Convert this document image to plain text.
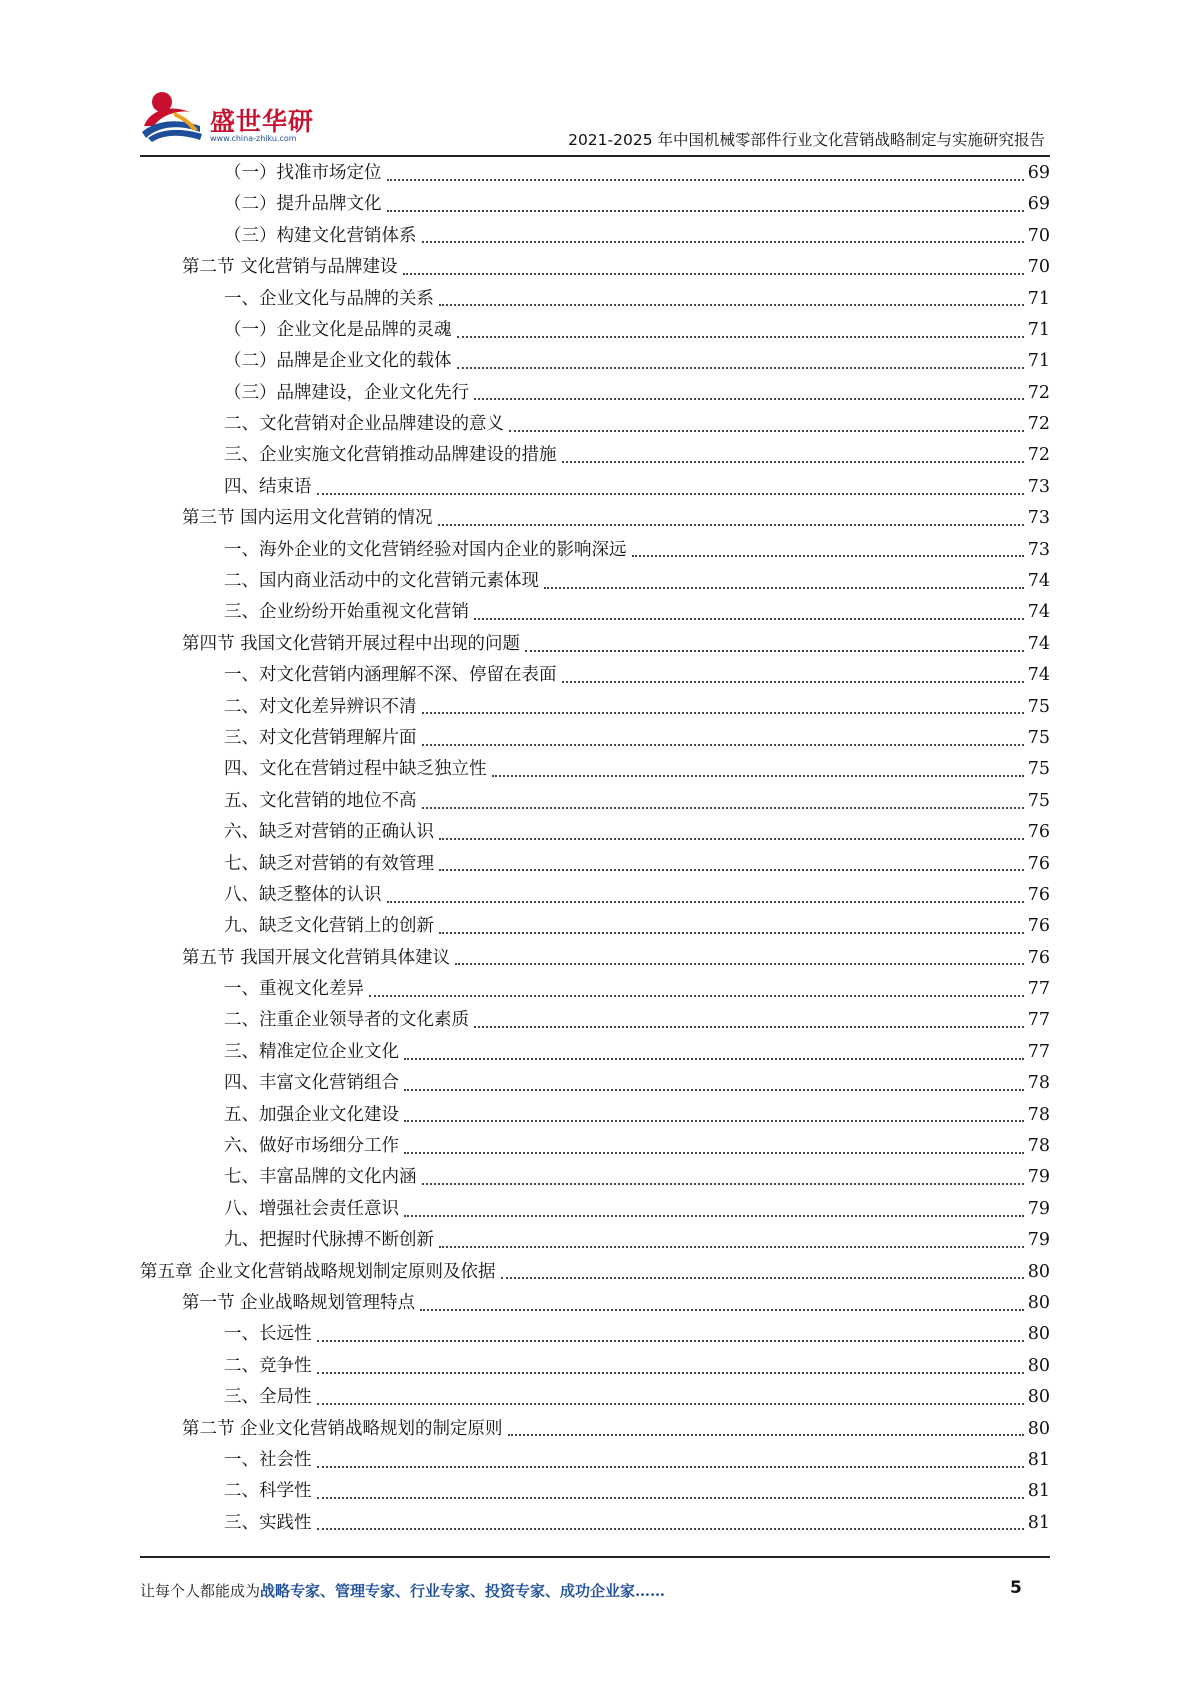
盛世华研
www.china-zhiku.com	2021-2025 年中国机械零部件行业文化营销战略制定与实施研究报告
（一）找准市场定位	69
（二）提升品牌文化	69
（三）构建文化营销体系	70
第二节 文化营销与品牌建设	70
一、企业文化与品牌的关系	71
（一）企业文化是品牌的灵魂	71
（二）品牌是企业文化的载体	71
（三）品牌建设，企业文化先行	72
二、文化营销对企业品牌建设的意义	72
三、企业实施文化营销推动品牌建设的措施	72
四、结束语	73
第三节 国内运用文化营销的情况	73
一、海外企业的文化营销经验对国内企业的影响深远	73
二、国内商业活动中的文化营销元素体现	74
三、企业纷纷开始重视文化营销	74
第四节 我国文化营销开展过程中出现的问题	74
一、对文化营销内涵理解不深、停留在表面	74
二、对文化差异辨识不清	75
三、对文化营销理解片面	75
四、文化在营销过程中缺乏独立性	75
五、文化营销的地位不高	75
六、缺乏对营销的正确认识	76
七、缺乏对营销的有效管理	76
八、缺乏整体的认识	76
九、缺乏文化营销上的创新	76
第五节 我国开展文化营销具体建议	76
一、重视文化差异	77
二、注重企业领导者的文化素质	77
三、精准定位企业文化	77
四、丰富文化营销组合	78
五、加强企业文化建设	78
六、做好市场细分工作	78
七、丰富品牌的文化内涵	79
八、增强社会责任意识	79
九、把握时代脉搏不断创新	79
第五章 企业文化营销战略规划制定原则及依据	80
第一节 企业战略规划管理特点	80
一、长远性	80
二、竞争性	80
三、全局性	80
第二节 企业文化营销战略规划的制定原则	80
一、社会性	81
二、科学性	81
三、实践性	81
让每个人都能成为战略专家、管理专家、行业专家、投资专家、成功企业家……	5
